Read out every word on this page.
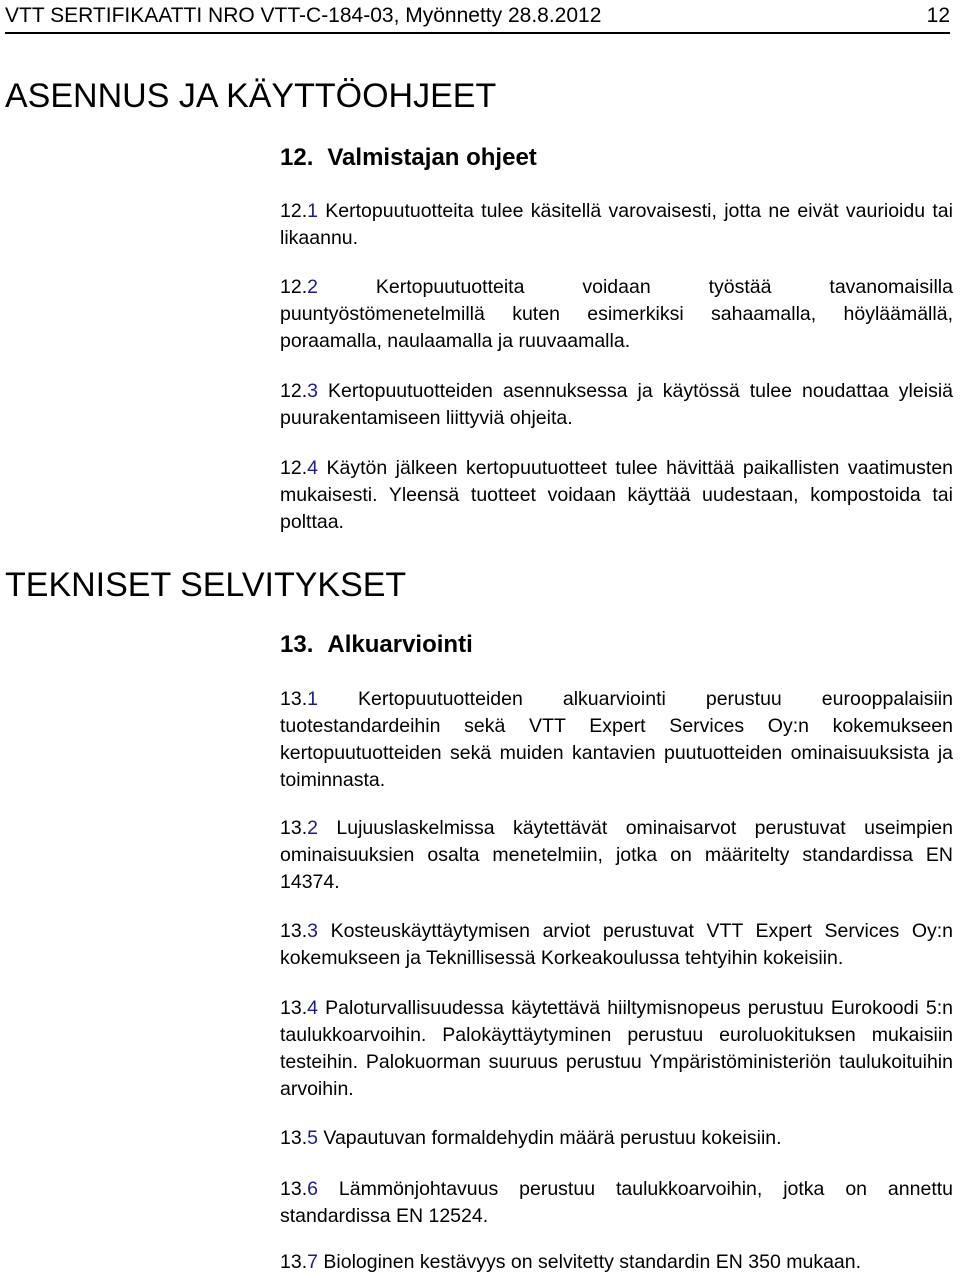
VTT SERTIFIKAATTI NRO VTT-C-184-03, Myönnetty 28.8.2012	12
ASENNUS JA KÄYTTÖOHJEET
12. Valmistajan ohjeet
12.1 Kertopuutuotteita tulee käsitellä varovaisesti, jotta ne eivät vaurioidu tai likaannu.
12.2	Kertopuutuotteita voidaan työstää tavanomaisilla puuntyöstömenetelmillä kuten esimerkiksi sahaamalla, höyläämällä, poraamalla, naulaamalla ja ruuvaamalla.
12.3 Kertopuutuotteiden asennuksessa ja käytössä tulee noudattaa yleisiä puurakentamiseen liittyviä ohjeita.
12.4 Käytön jälkeen kertopuutuotteet tulee hävittää paikallisten vaatimusten mukaisesti. Yleensä tuotteet voidaan käyttää uudestaan, kompostoida tai polttaa.
TEKNISET SELVITYKSET
13. Alkuarviointi
13.1 Kertopuutuotteiden alkuarviointi perustuu eurooppalaisiin tuotestandardeihin sekä VTT Expert Services Oy:n kokemukseen kertopuutuotteiden sekä muiden kantavien puutuotteiden ominaisuuksista ja toiminnasta.
13.2 Lujuuslaskelmissa käytettävät ominaisarvot perustuvat useimpien ominaisuuksien osalta menetelmiin, jotka on määritelty standardissa EN 14374.
13.3 Kosteuskäyttäytymisen arviot perustuvat VTT Expert Services Oy:n kokemukseen ja Teknillisessä Korkeakoulussa tehtyihin kokeisiin.
13.4 Paloturvallisuudessa käytettävä hiiltymisnopeus perustuu Eurokoodi 5:n taulukkoarvoihin. Palokäyttäytyminen perustuu euroluokituksen mukaisiin testeihin. Palokuorman suuruus perustuu Ympäristöministeriön taulukoituihin arvoihin.
13.5 Vapautuvan formaldehydin määrä perustuu kokeisiin.
13.6 Lämmönjohtavuus perustuu taulukkoarvoihin, jotka on annettu standardissa EN 12524.
13.7 Biologinen kestävyys on selvitetty standardin EN 350 mukaan.
